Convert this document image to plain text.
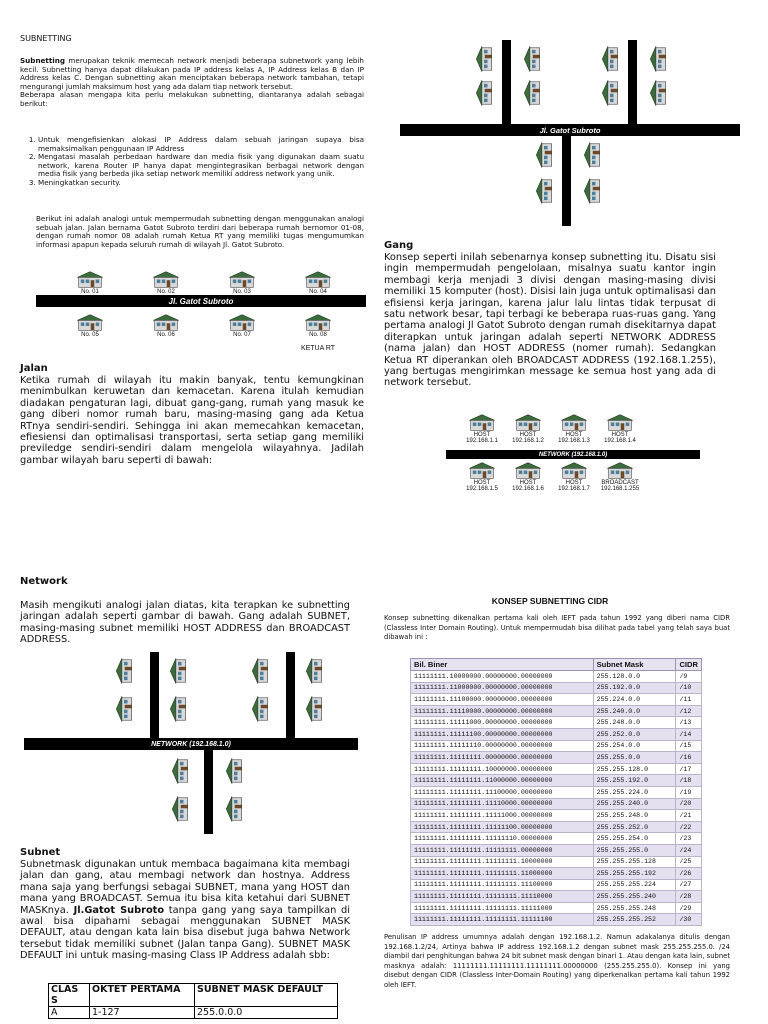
SUBNETTING
Subnetting merupakan teknik memecah network menjadi beberapa subnetwork yang lebih kecil. Subnetting hanya dapat dilakukan pada IP address kelas A, IP Address kelas B dan IP Address kelas C. Dengan subnetting akan menciptakan beberapa network tambahan, tetapi mengurangi jumlah maksimum host yang ada dalam tiap network tersebut.
Beberapa alasan mengapa kita perlu melakukan subnetting, diantaranya adalah sebagai berikut:
1. Untuk mengefisienkan alokasi IP Address dalam sebuah jaringan supaya bisa memaksimalkan penggunaan IP Address
2. Mengatasi masalah perbedaan hardware dan media fisik yang digunakan daam suatu network, karena Router IP hanya dapat mengintegrasikan berbagai network dengan media fisik yang berbeda jika setiap network memiliki address network yang unik.
3. Meningkatkan security.
Berikut ini adalah analogi untuk mempermudah subnetting dengan menggunakan analogi sebuah jalan. Jalan bernama Gatot Subroto terdiri dari beberapa rumah bernomor 01-08, dengan rumah nomor 08 adalah rumah Ketua RT yang memiliki tugas mengumumkan informasi apapun kepada seluruh rumah di wilayah Jl. Gatot Subroto.
Jl. Gatot Subroto
No. 01	No. 02	No. 03	No. 04
No. 05	No. 06	No. 07	No. 08
KETUA RT
Jalan
Ketika rumah di wilayah itu makin banyak, tentu kemungkinan menimbulkan keruwetan dan kemacetan. Karena itulah kemudian diadakan pengaturan lagi, dibuat gang-gang, rumah yang masuk ke gang diberi nomor rumah baru, masing-masing gang ada Ketua RTnya sendiri-sendiri. Sehingga ini akan memecahkan kemacetan, efiesiensi dan optimalisasi transportasi, serta setiap gang memiliki previledge sendiri-sendiri dalam mengelola wilayahnya. Jadilah gambar wilayah baru seperti di bawah:
Network
Masih mengikuti analogi jalan diatas, kita terapkan ke subnetting jaringan adalah seperti gambar di bawah. Gang adalah SUBNET, masing-masing subnet memiliki HOST ADDRESS dan BROADCAST ADDRESS.
NETWORK (192.168.1.0)
Subnet
Subnetmask digunakan untuk membaca bagaimana kita membagi jalan dan gang, atau membagi network dan hostnya. Address mana saja yang berfungsi sebagai SUBNET, mana yang HOST dan mana yang BROADCAST. Semua itu bisa kita ketahui dari SUBNET MASKnya. Jl.Gatot Subroto tanpa gang yang saya tampilkan di awal bisa dipahami sebagai menggunakan SUBNET MASK DEFAULT, atau dengan kata lain bisa disebut juga bahwa Network tersebut tidak memiliki subnet (Jalan tanpa Gang). SUBNET MASK DEFAULT ini untuk masing-masing Class IP Address adalah sbb:
CLAS S	OKTET PERTAMA	SUBNET MASK DEFAULT
A	1-127	255.0.0.0
Jl. Gatot Subroto
Gang
Konsep seperti inilah sebenarnya konsep subnetting itu. Disatu sisi ingin mempermudah pengelolaan, misalnya suatu kantor ingin membagi kerja menjadi 3 divisi dengan masing-masing divisi memiliki 15 komputer (host). Disisi lain juga untuk optimalisasi dan efisiensi kerja jaringan, karena jalur lalu lintas tidak terpusat di satu network besar, tapi terbagi ke beberapa ruas-ruas gang. Yang pertama analogi Jl Gatot Subroto dengan rumah disekitarnya dapat diterapkan untuk jaringan adalah seperti NETWORK ADDRESS (nama jalan) dan HOST ADDRESS (nomer rumah). Sedangkan Ketua RT diperankan oleh BROADCAST ADDRESS (192.168.1.255), yang bertugas mengirimkan message ke semua host yang ada di network tersebut.
NETWORK (192.168.1.0)
HOST
192.168.1.1
HOST
192.168.1.2
HOST
192.168.1.3
HOST
192.168.1.4
HOST
192.168.1.5
HOST
192.168.1.6
HOST
192.168.1.7
BROADCAST
192.168.1.255
KONSEP SUBNETTING CIDR
Konsep subnetting dikenalkan pertama kali oleh IEFT pada tahun 1992 yang diberi nama CIDR (Classless Inter Domain Routing). Untuk mempermudah bisa dilihat pada tabel yang telah saya buat dibawah ini :
Bil. Biner	Subnet Mask	CIDR
11111111.10000000.00000000.00000000	255.128.0.0	/9
11111111.11000000.00000000.00000000	255.192.0.0	/10
11111111.11100000.00000000.00000000	255.224.0.0	/11
11111111.11110000.00000000.00000000	255.240.0.0	/12
11111111.11111000.00000000.00000000	255.248.0.0	/13
11111111.11111100.00000000.00000000	255.252.0.0	/14
11111111.11111110.00000000.00000000	255.254.0.0	/15
11111111.11111111.00000000.00000000	255.255.0.0	/16
11111111.11111111.10000000.00000000	255.255.128.0	/17
11111111.11111111.11000000.00000000	255.255.192.0	/18
11111111.11111111.11100000.00000000	255.255.224.0	/19
11111111.11111111.11110000.00000000	255.255.240.0	/20
11111111.11111111.11111000.00000000	255.255.248.0	/21
11111111.11111111.11111100.00000000	255.255.252.0	/22
11111111.11111111.11111110.00000000	255.255.254.0	/23
11111111.11111111.11111111.00000000	255.255.255.0	/24
11111111.11111111.11111111.10000000	255.255.255.128	/25
11111111.11111111.11111111.11000000	255.255.255.192	/26
11111111.11111111.11111111.11100000	255.255.255.224	/27
11111111.11111111.11111111.11110000	255.255.255.240	/28
11111111.11111111.11111111.11111000	255.255.255.248	/29
11111111.11111111.11111111.11111100	255.255.255.252	/30
Penulisan IP address umumnya adalah dengan 192.168.1.2. Namun adakalanya ditulis dengan 192.168.1.2/24, Artinya bahwa IP address 192.168.1.2 dengan subnet mask 255.255.255.0. /24 diambil dari penghitungan bahwa 24 bit subnet mask dengan binari 1. Atau dengan kata lain, subnet masknya adalah: 11111111.11111111.11111111.00000000 (255.255.255.0). Konsep ini yang disebut dengan CIDR (Classless Inter-Domain Routing) yang diperkenalkan pertama kali tahun 1992 oleh IEFT.
